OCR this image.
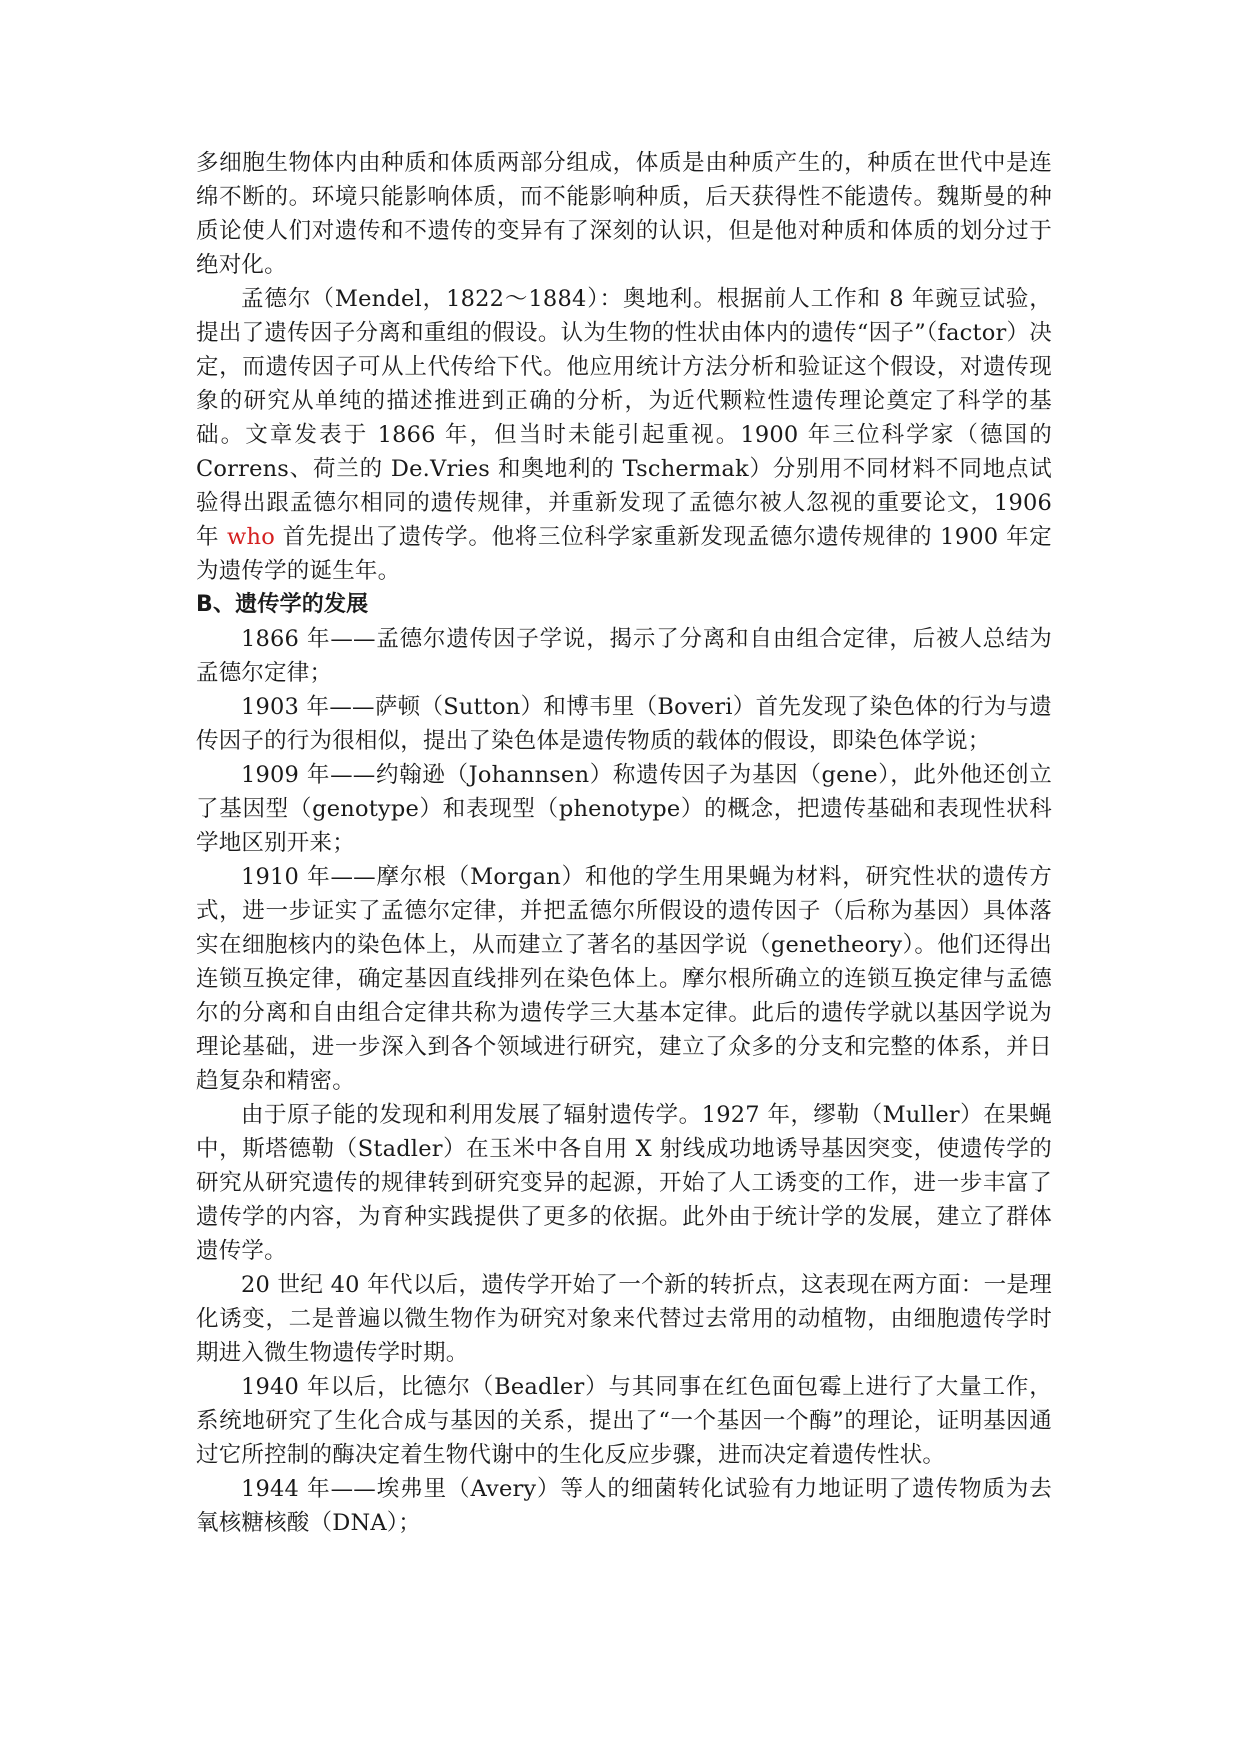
多细胞生物体内由种质和体质两部分组成，体质是由种质产生的，种质在世代中是连绵不断的。环境只能影响体质，而不能影响种质，后天获得性不能遗传。魏斯曼的种质论使人们对遗传和不遗传的变异有了深刻的认识，但是他对种质和体质的划分过于绝对化。

孟德尔（Mendel，1822～1884）：奥地利。根据前人工作和 8 年豌豆试验，提出了遗传因子分离和重组的假设。认为生物的性状由体内的遗传“因子”（factor）决定，而遗传因子可从上代传给下代。他应用统计方法分析和验证这个假设，对遗传现象的研究从单纯的描述推进到正确的分析，为近代颗粒性遗传理论奠定了科学的基础。文章发表于 1866 年，但当时未能引起重视。1900 年三位科学家（德国的 Correns、荷兰的 De.Vries 和奥地利的 Tschermak）分别用不同材料不同地点试验得出跟孟德尔相同的遗传规律，并重新发现了孟德尔被人忽视的重要论文，1906 年 who 首先提出了遗传学。他将三位科学家重新发现孟德尔遗传规律的 1900 年定为遗传学的诞生年。

B、遗传学的发展

1866 年——孟德尔遗传因子学说，揭示了分离和自由组合定律，后被人总结为孟德尔定律；

1903 年——萨顿（Sutton）和博韦里（Boveri）首先发现了染色体的行为与遗传因子的行为很相似，提出了染色体是遗传物质的载体的假设，即染色体学说；

1909 年——约翰逊（Johannsen）称遗传因子为基因（gene），此外他还创立了基因型（genotype）和表现型（phenotype）的概念，把遗传基础和表现性状科学地区别开来；

1910 年——摩尔根（Morgan）和他的学生用果蝇为材料，研究性状的遗传方式，进一步证实了孟德尔定律，并把孟德尔所假设的遗传因子（后称为基因）具体落实在细胞核内的染色体上，从而建立了著名的基因学说（genetheory）。他们还得出连锁互换定律，确定基因直线排列在染色体上。摩尔根所确立的连锁互换定律与孟德尔的分离和自由组合定律共称为遗传学三大基本定律。此后的遗传学就以基因学说为理论基础，进一步深入到各个领域进行研究，建立了众多的分支和完整的体系，并日趋复杂和精密。

由于原子能的发现和利用发展了辐射遗传学。1927 年，缪勒（Muller）在果蝇中，斯塔德勒（Stadler）在玉米中各自用 X 射线成功地诱导基因突变，使遗传学的研究从研究遗传的规律转到研究变异的起源，开始了人工诱变的工作，进一步丰富了遗传学的内容，为育种实践提供了更多的依据。此外由于统计学的发展，建立了群体遗传学。

20 世纪 40 年代以后，遗传学开始了一个新的转折点，这表现在两方面：一是理化诱变，二是普遍以微生物作为研究对象来代替过去常用的动植物，由细胞遗传学时期进入微生物遗传学时期。

1940 年以后，比德尔（Beadler）与其同事在红色面包霉上进行了大量工作，系统地研究了生化合成与基因的关系，提出了“一个基因一个酶”的理论，证明基因通过它所控制的酶决定着生物代谢中的生化反应步骤，进而决定着遗传性状。

1944 年——埃弗里（Avery）等人的细菌转化试验有力地证明了遗传物质为去氧核糖核酸（DNA）；
